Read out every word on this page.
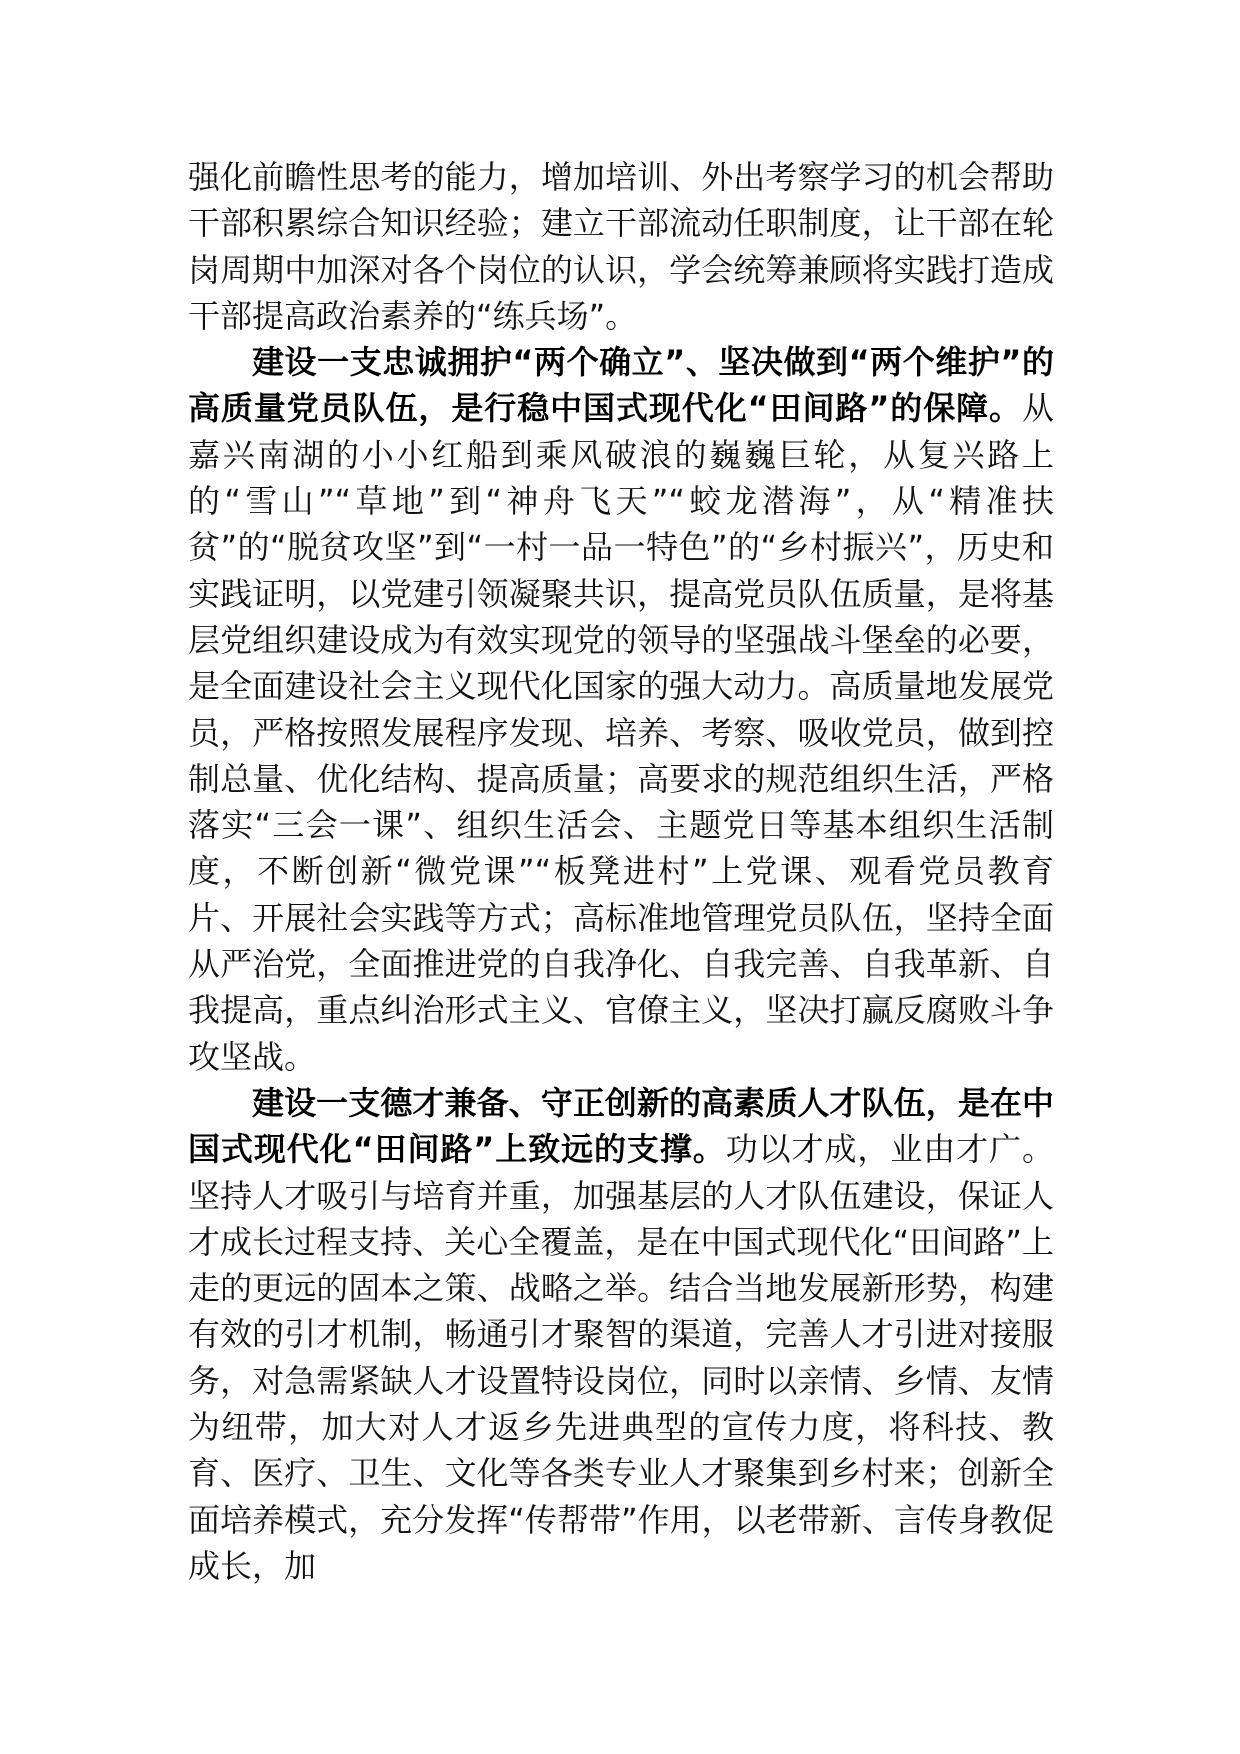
强化前瞻性思考的能力，增加培训、外出考察学习的机会帮助干部积累综合知识经验；建立干部流动任职制度，让干部在轮岗周期中加深对各个岗位的认识，学会统筹兼顾将实践打造成干部提高政治素养的“练兵场”。

建设一支忠诚拥护“两个确立”、坚决做到“两个维护”的高质量党员队伍，是行稳中国式现代化“田间路”的保障。从嘉兴南湖的小小红船到乘风破浪的巍巍巨轮，从复兴路上的“雪山”“草地”到“神舟飞天”“蛟龙潜海”，从“精准扶贫”的“脱贫攻坚”到“一村一品一特色”的“乡村振兴”，历史和实践证明，以党建引领凝聚共识，提高党员队伍质量，是将基层党组织建设成为有效实现党的领导的坚强战斗堡垒的必要，是全面建设社会主义现代化国家的强大动力。高质量地发展党员，严格按照发展程序发现、培养、考察、吸收党员，做到控制总量、优化结构、提高质量；高要求的规范组织生活，严格落实“三会一课”、组织生活会、主题党日等基本组织生活制度，不断创新“微党课”“板凳进村”上党课、观看党员教育片、开展社会实践等方式；高标准地管理党员队伍，坚持全面从严治党，全面推进党的自我净化、自我完善、自我革新、自我提高，重点纠治形式主义、官僚主义，坚决打赢反腐败斗争攻坚战。

建设一支德才兼备、守正创新的高素质人才队伍，是在中国式现代化“田间路”上致远的支撑。功以才成，业由才广。坚持人才吸引与培育并重，加强基层的人才队伍建设，保证人才成长过程支持、关心全覆盖，是在中国式现代化“田间路”上走的更远的固本之策、战略之举。结合当地发展新形势，构建有效的引才机制，畅通引才聚智的渠道，完善人才引进对接服务，对急需紧缺人才设置特设岗位，同时以亲情、乡情、友情为纽带，加大对人才返乡先进典型的宣传力度，将科技、教育、医疗、卫生、文化等各类专业人才聚集到乡村来；创新全面培养模式，充分发挥“传帮带”作用，以老带新、言传身教促成长，加
